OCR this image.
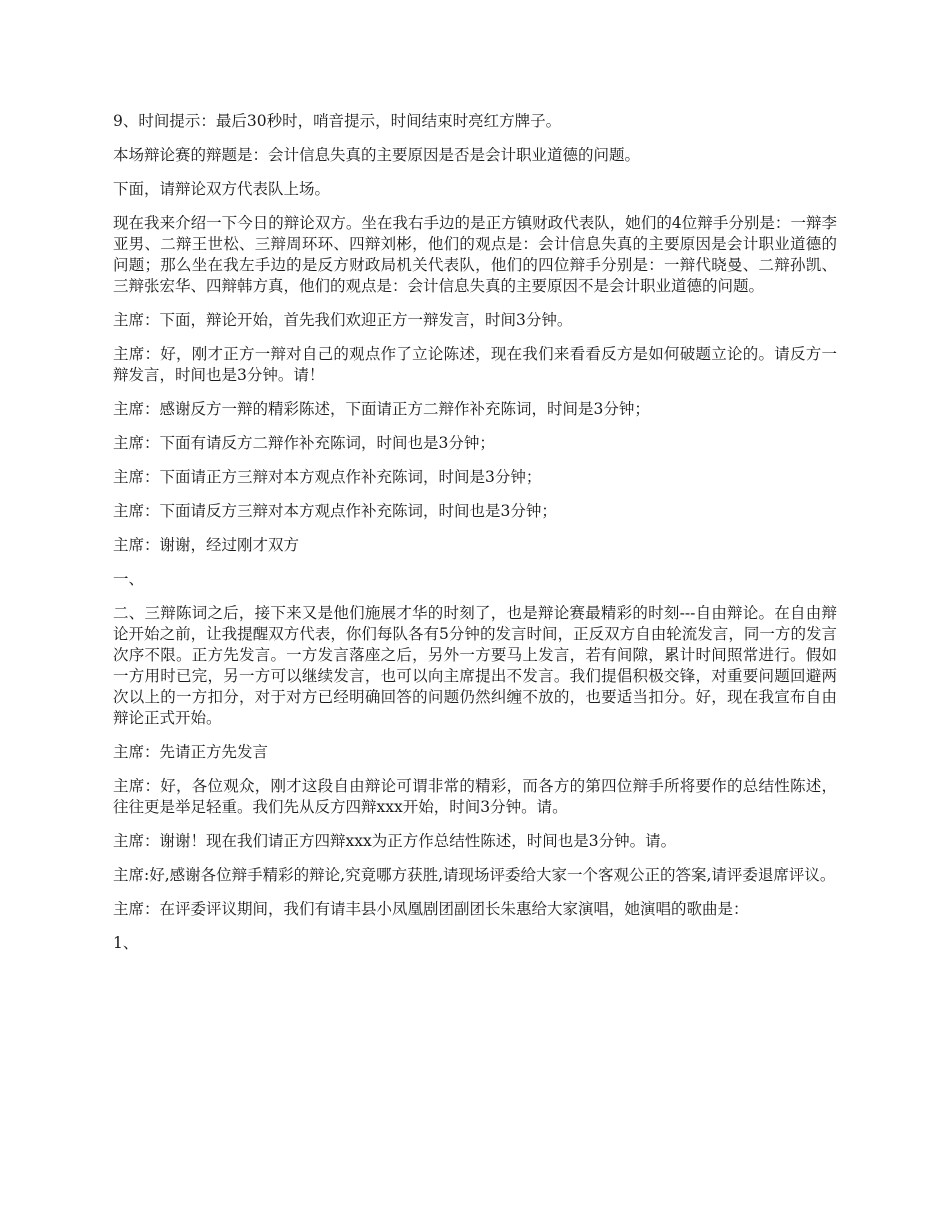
9、时间提示：最后30秒时，哨音提示，时间结束时亮红方牌子。

本场辩论赛的辩题是：会计信息失真的主要原因是否是会计职业道德的问题。

下面，请辩论双方代表队上场。

现在我来介绍一下今日的辩论双方。坐在我右手边的是正方镇财政代表队，她们的4位辩手分别是：一辩李亚男、二辩王世松、三辩周环环、四辩刘彬，他们的观点是：会计信息失真的主要原因是会计职业道德的问题；那么坐在我左手边的是反方财政局机关代表队，他们的四位辩手分别是：一辩代晓曼、二辩孙凯、三辩张宏华、四辩韩方真，他们的观点是：会计信息失真的主要原因不是会计职业道德的问题。

主席：下面，辩论开始，首先我们欢迎正方一辩发言，时间3分钟。

主席：好，刚才正方一辩对自己的观点作了立论陈述，现在我们来看看反方是如何破题立论的。请反方一辩发言，时间也是3分钟。请！

主席：感谢反方一辩的精彩陈述，下面请正方二辩作补充陈词，时间是3分钟；

主席：下面有请反方二辩作补充陈词，时间也是3分钟；

主席：下面请正方三辩对本方观点作补充陈词，时间是3分钟；

主席：下面请反方三辩对本方观点作补充陈词，时间也是3分钟；

主席：谢谢，经过刚才双方

一、

二、三辩陈词之后，接下来又是他们施展才华的时刻了，也是辩论赛最精彩的时刻---自由辩论。在自由辩论开始之前，让我提醒双方代表，你们每队各有5分钟的发言时间，正反双方自由轮流发言，同一方的发言次序不限。正方先发言。一方发言落座之后，另外一方要马上发言，若有间隙，累计时间照常进行。假如一方用时已完，另一方可以继续发言，也可以向主席提出不发言。我们提倡积极交锋，对重要问题回避两次以上的一方扣分，对于对方已经明确回答的问题仍然纠缠不放的，也要适当扣分。好，现在我宣布自由辩论正式开始。

主席：先请正方先发言

主席：好，各位观众，刚才这段自由辩论可谓非常的精彩，而各方的第四位辩手所将要作的总结性陈述，往往更是举足轻重。我们先从反方四辩xxx开始，时间3分钟。请。

主席：谢谢！现在我们请正方四辩xxx为正方作总结性陈述，时间也是3分钟。请。

主席:好,感谢各位辩手精彩的辩论,究竟哪方获胜,请现场评委给大家一个客观公正的答案,请评委退席评议。

主席：在评委评议期间，我们有请丰县小凤凰剧团副团长朱惠给大家演唱，她演唱的歌曲是：

1、
